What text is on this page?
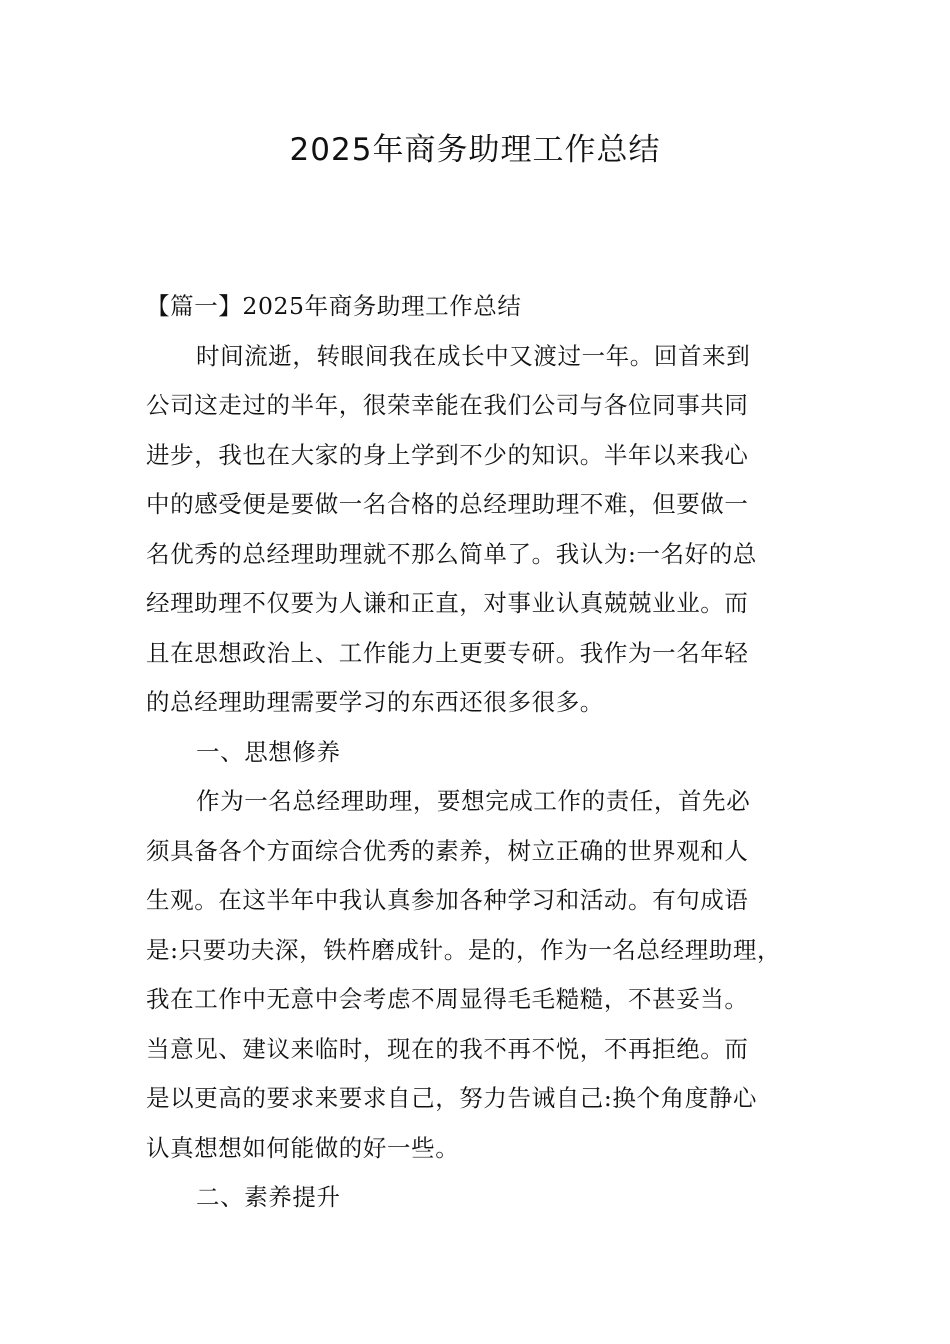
2025年商务助理工作总结
【篇一】2025年商务助理工作总结
时间流逝，转眼间我在成长中又渡过一年。回首来到
公司这走过的半年，很荣幸能在我们公司与各位同事共同
进步，我也在大家的身上学到不少的知识。半年以来我心
中的感受便是要做一名合格的总经理助理不难，但要做一
名优秀的总经理助理就不那么简单了。我认为:一名好的总
经理助理不仅要为人谦和正直，对事业认真兢兢业业。而
且在思想政治上、工作能力上更要专研。我作为一名年轻
的总经理助理需要学习的东西还很多很多。
一、思想修养
作为一名总经理助理，要想完成工作的责任，首先必
须具备各个方面综合优秀的素养，树立正确的世界观和人
生观。在这半年中我认真参加各种学习和活动。有句成语
是:只要功夫深，铁杵磨成针。是的，作为一名总经理助理，
我在工作中无意中会考虑不周显得毛毛糙糙，不甚妥当。
当意见、建议来临时，现在的我不再不悦，不再拒绝。而
是以更高的要求来要求自己，努力告诫自己:换个角度静心
认真想想如何能做的好一些。
二、素养提升
